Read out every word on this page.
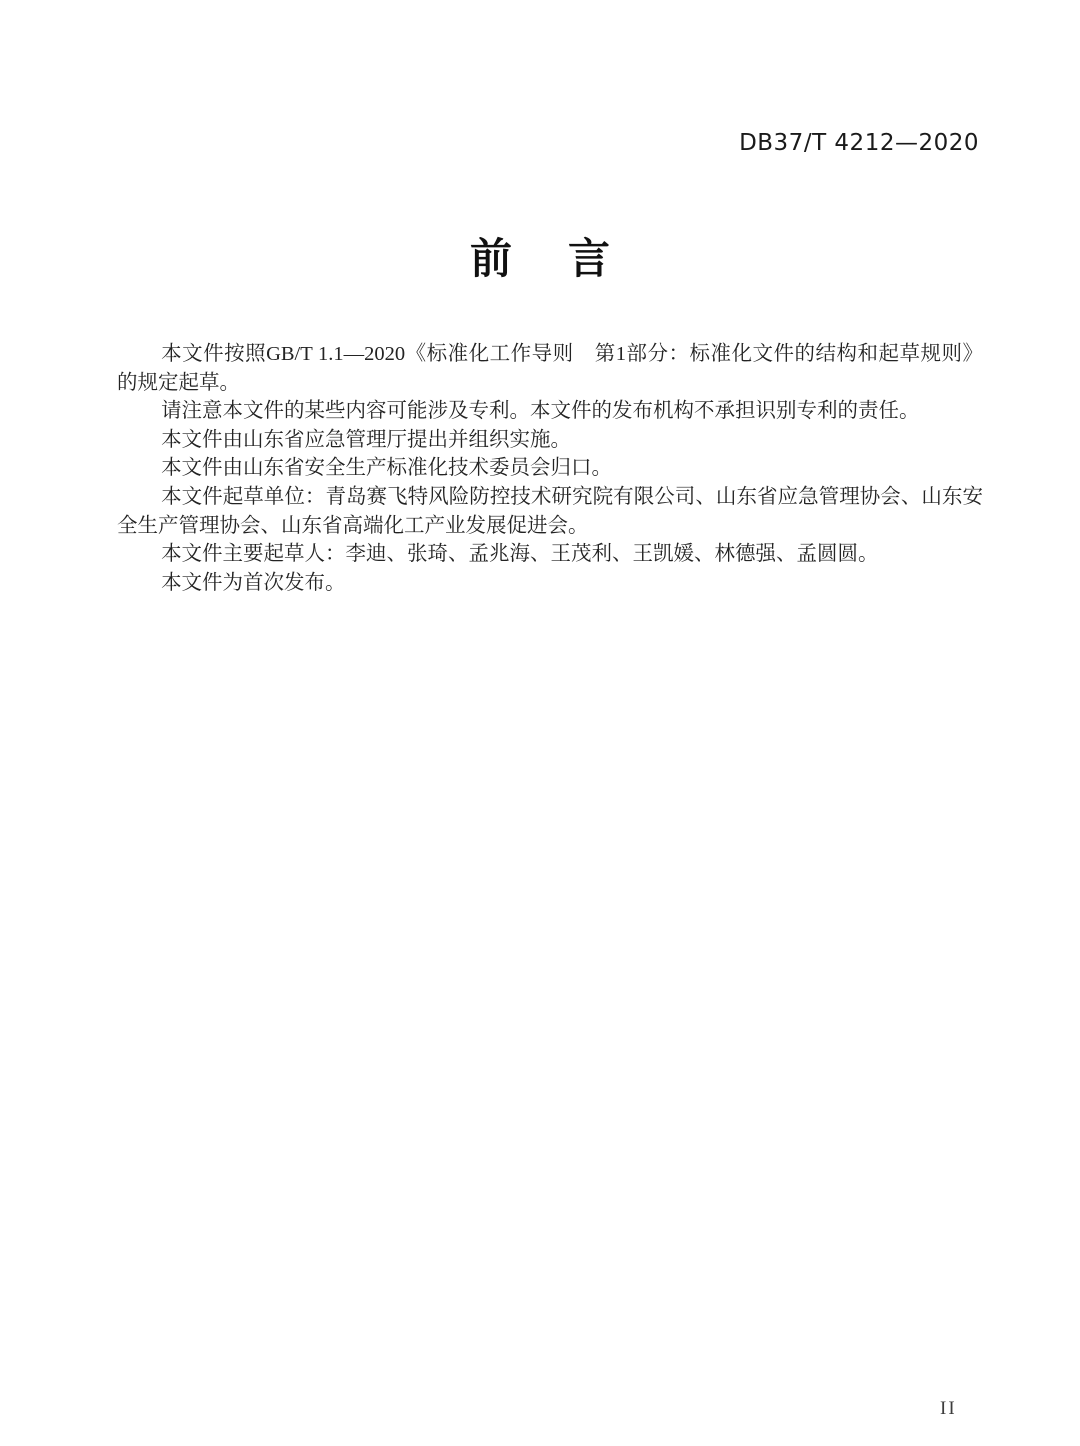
DB37/T 4212—2020
前 言

本文件按照GB/T 1.1—2020《标准化工作导则　第1部分：标准化文件的结构和起草规则》的规定起草。

请注意本文件的某些内容可能涉及专利。本文件的发布机构不承担识别专利的责任。

本文件由山东省应急管理厅提出并组织实施。

本文件由山东省安全生产标准化技术委员会归口。

本文件起草单位：青岛赛飞特风险防控技术研究院有限公司、山东省应急管理协会、山东安全生产管理协会、山东省高端化工产业发展促进会。

本文件主要起草人：李迪、张琦、孟兆海、王茂利、王凯媛、林德强、孟圆圆。

本文件为首次发布。

II
